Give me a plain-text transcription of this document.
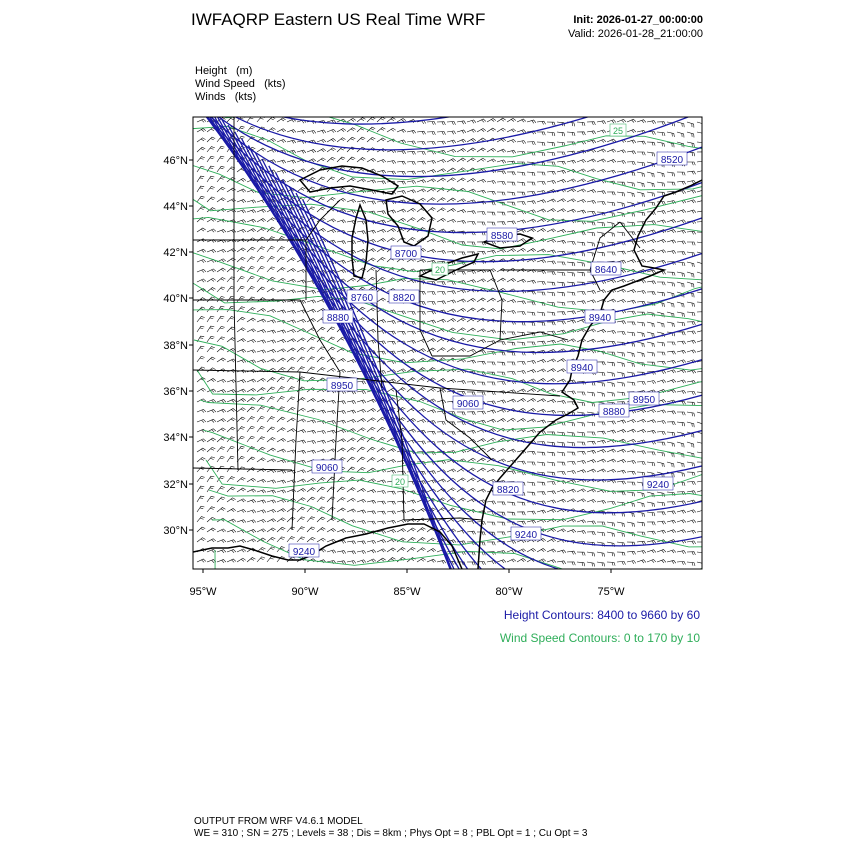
IWFAQRP Eastern US Real Time WRF	Init: 2026-01-27_00:00:00
Valid: 2026-01-28_21:00:00
Height   (m)
Wind Speed   (kts)
Winds   (kts)
8520
8580
8640
8700
8760 8820
8880	8940
8940
8950
8950
9060
9060
9240
9240
9240
8820
8880
25
20
20
46°N
44°N
42°N
40°N
38°N
36°N
34°N
32°N
30°N
95°W	90°W	85°W	80°W	75°W
Height Contours: 8400 to 9660 by 60
Wind Speed Contours: 0 to 170 by 10
OUTPUT FROM WRF V4.6.1 MODEL
WE = 310 ; SN = 275 ; Levels = 38 ; Dis = 8km ; Phys Opt = 8 ; PBL Opt = 1 ; Cu Opt = 3
